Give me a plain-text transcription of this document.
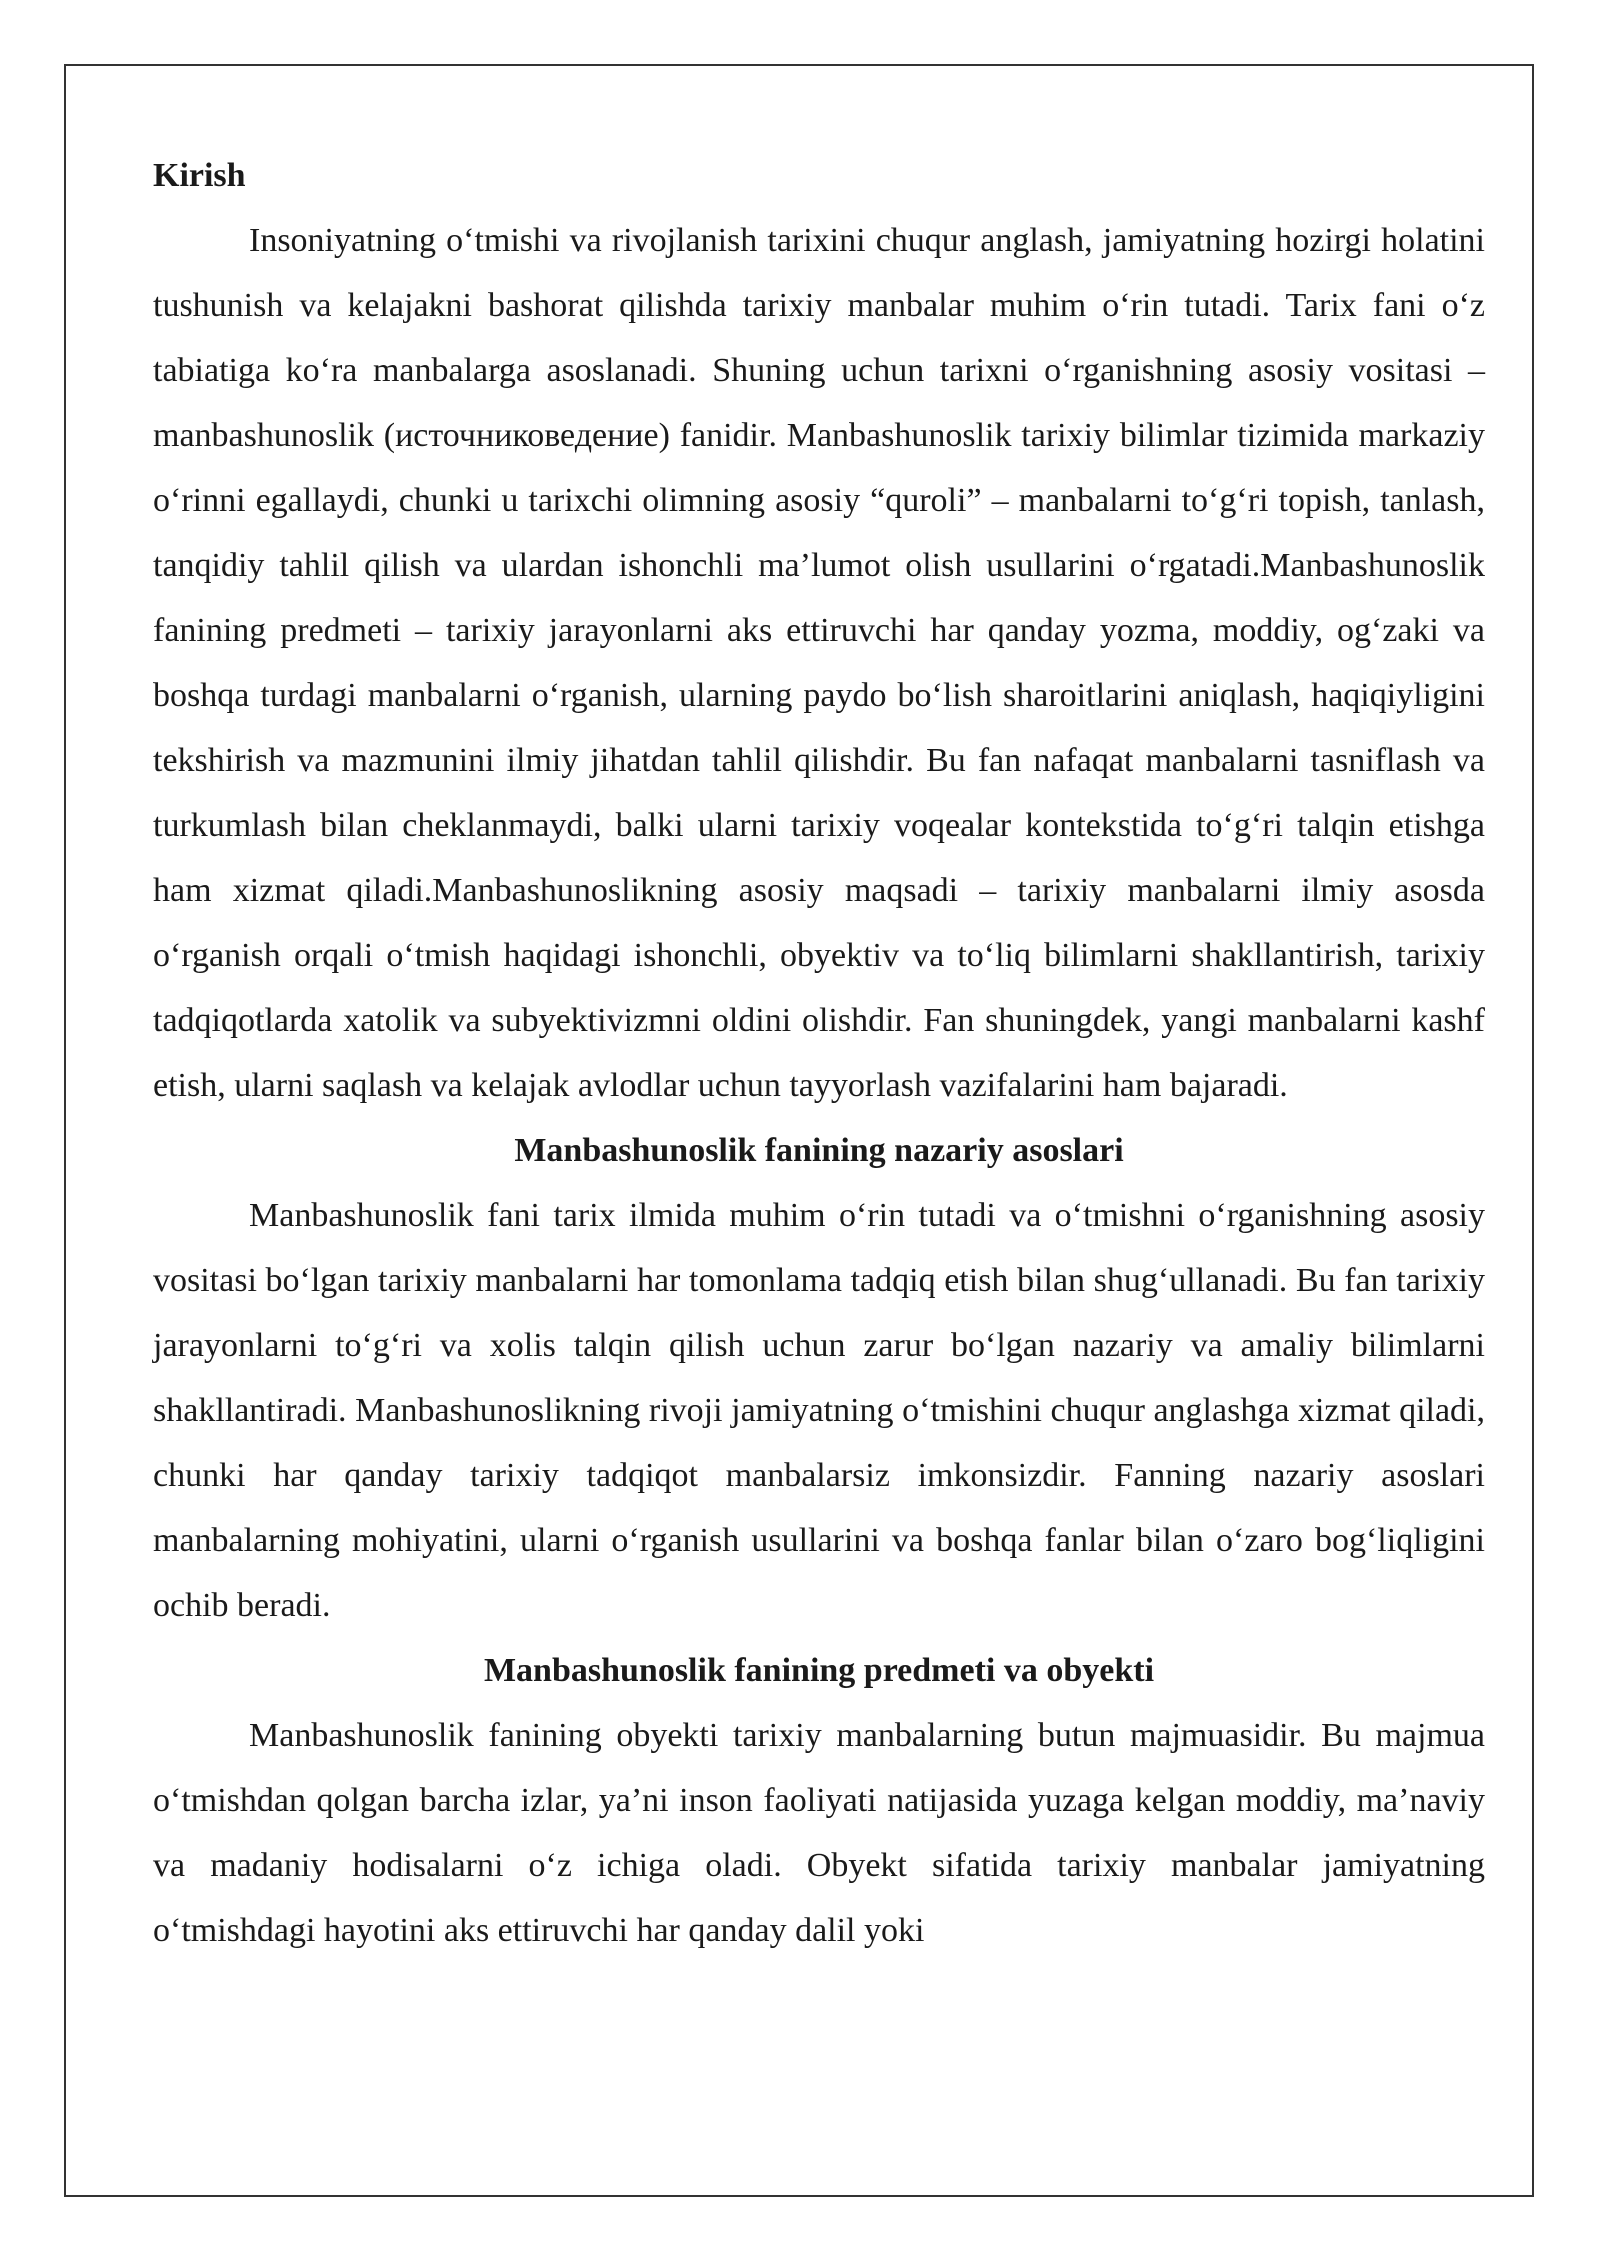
Kirish

Insoniyatning o‘tmishi va rivojlanish tarixini chuqur anglash, jamiyatning hozirgi holatini tushunish va kelajakni bashorat qilishda tarixiy manbalar muhim o‘rin tutadi. Tarix fani o‘z tabiatiga ko‘ra manbalarga asoslanadi. Shuning uchun tarixni o‘rganishning asosiy vositasi – manbashunoslik (источниковедение) fanidir. Manbashunoslik tarixiy bilimlar tizimida markaziy o‘rinni egallaydi, chunki u tarixchi olimning asosiy “quroli” – manbalarni to‘g‘ri topish, tanlash, tanqidiy tahlil qilish va ulardan ishonchli ma’lumot olish usullarini o‘rgatadi.Manbashunoslik fanining predmeti – tarixiy jarayonlarni aks ettiruvchi har qanday yozma, moddiy, og‘zaki va boshqa turdagi manbalarni o‘rganish, ularning paydo bo‘lish sharoitlarini aniqlash, haqiqiyligini tekshirish va mazmunini ilmiy jihatdan tahlil qilishdir. Bu fan nafaqat manbalarni tasniflash va turkumlash bilan cheklanmaydi, balki ularni tarixiy voqealar kontekstida to‘g‘ri talqin etishga ham xizmat qiladi.Manbashunoslikning asosiy maqsadi – tarixiy manbalarni ilmiy asosda o‘rganish orqali o‘tmish haqidagi ishonchli, obyektiv va to‘liq bilimlarni shakllantirish, tarixiy tadqiqotlarda xatolik va subyektivizmni oldini olishdir. Fan shuningdek, yangi manbalarni kashf etish, ularni saqlash va kelajak avlodlar uchun tayyorlash vazifalarini ham bajaradi.

Manbashunoslik fanining nazariy asoslari

Manbashunoslik fani tarix ilmida muhim o‘rin tutadi va o‘tmishni o‘rganishning asosiy vositasi bo‘lgan tarixiy manbalarni har tomonlama tadqiq etish bilan shug‘ullanadi. Bu fan tarixiy jarayonlarni to‘g‘ri va xolis talqin qilish uchun zarur bo‘lgan nazariy va amaliy bilimlarni shakllantiradi. Manbashunoslikning rivoji jamiyatning o‘tmishini chuqur anglashga xizmat qiladi, chunki har qanday tarixiy tadqiqot manbalarsiz imkonsizdir. Fanning nazariy asoslari manbalarning mohiyatini, ularni o‘rganish usullarini va boshqa fanlar bilan o‘zaro bog‘liqligini ochib beradi.

Manbashunoslik fanining predmeti va obyekti

Manbashunoslik fanining obyekti tarixiy manbalarning butun majmuasidir. Bu majmua o‘tmishdan qolgan barcha izlar, ya’ni inson faoliyati natijasida yuzaga kelgan moddiy, ma’naviy va madaniy hodisalarni o‘z ichiga oladi. Obyekt sifatida tarixiy manbalar jamiyatning o‘tmishdagi hayotini aks ettiruvchi har qanday dalil yoki
